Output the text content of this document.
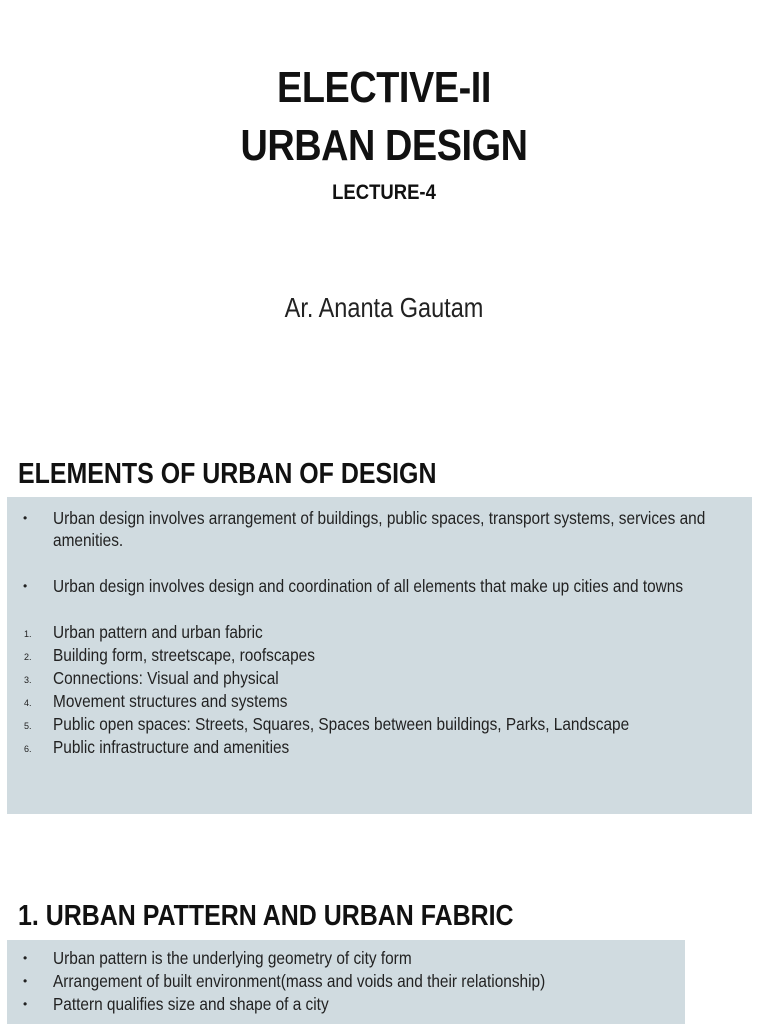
ELECTIVE-II
URBAN DESIGN
LECTURE-4
Ar. Ananta Gautam
ELEMENTS OF URBAN OF DESIGN
•	Urban design involves arrangement of buildings, public spaces, transport systems, services and amenities.
•	Urban design involves design and coordination of all elements that make up cities and towns
1.	Urban pattern and urban fabric
2.	Building form, streetscape, roofscapes
3.	Connections: Visual and physical
4.	Movement structures and systems
5.	Public open spaces: Streets, Squares, Spaces between buildings, Parks, Landscape
6.	Public infrastructure and amenities
1. URBAN PATTERN AND URBAN FABRIC
•	Urban pattern is the underlying geometry of city form
•	Arrangement of built environment(mass and voids and their relationship)
•	Pattern qualifies size and shape of a city
